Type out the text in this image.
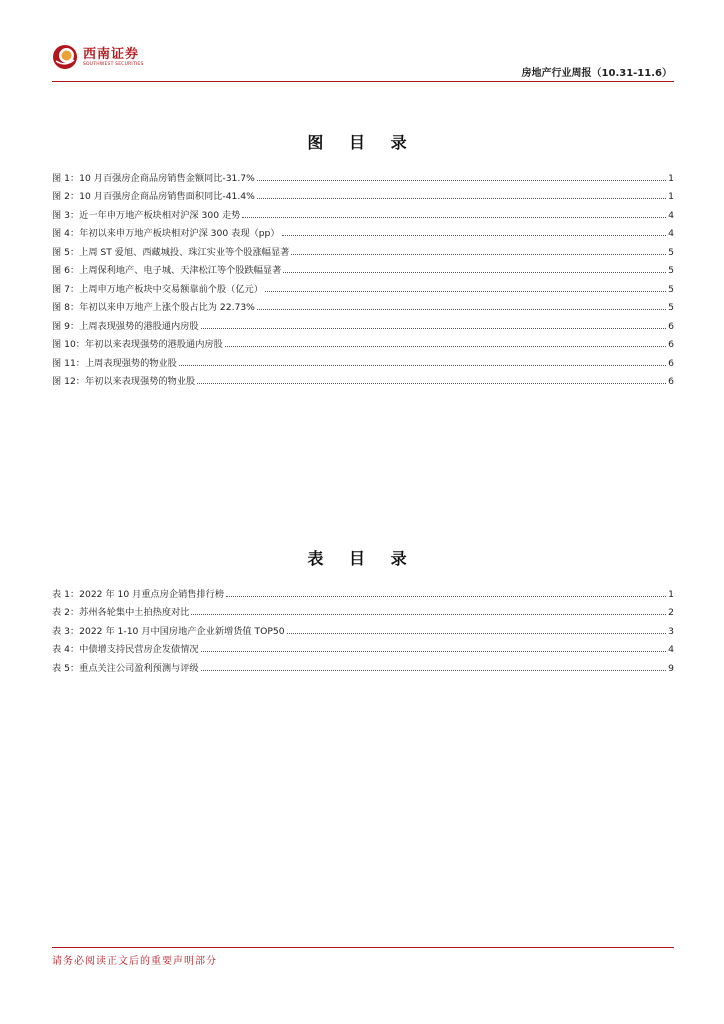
西南证券
SOUTHWEST SECURITIES
房地产行业周报（10.31-11.6）
图 目 录
图 1：10 月百强房企商品房销售金额同比-31.7%	1
图 2：10 月百强房企商品房销售面积同比-41.4%	1
图 3：近一年申万地产板块相对沪深 300 走势	4
图 4：年初以来申万地产板块相对沪深 300 表现（pp）	4
图 5：上周 ST 爱旭、西藏城投、珠江实业等个股涨幅显著	5
图 6：上周保利地产、电子城、天津松江等个股跌幅显著	5
图 7：上周申万地产板块中交易额靠前个股（亿元）	5
图 8：年初以来申万地产上涨个股占比为 22.73%	5
图 9：上周表现强势的港股通内房股	6
图 10：年初以来表现强势的港股通内房股	6
图 11：上周表现强势的物业股	6
图 12：年初以来表现强势的物业股	6
表 目 录
表 1：2022 年 10 月重点房企销售排行榜	1
表 2：苏州各轮集中土拍热度对比	2
表 3：2022 年 1-10 月中国房地产企业新增货值 TOP50	3
表 4：中债增支持民营房企发债情况	4
表 5：重点关注公司盈利预测与评级	9
请务必阅读正文后的重要声明部分
